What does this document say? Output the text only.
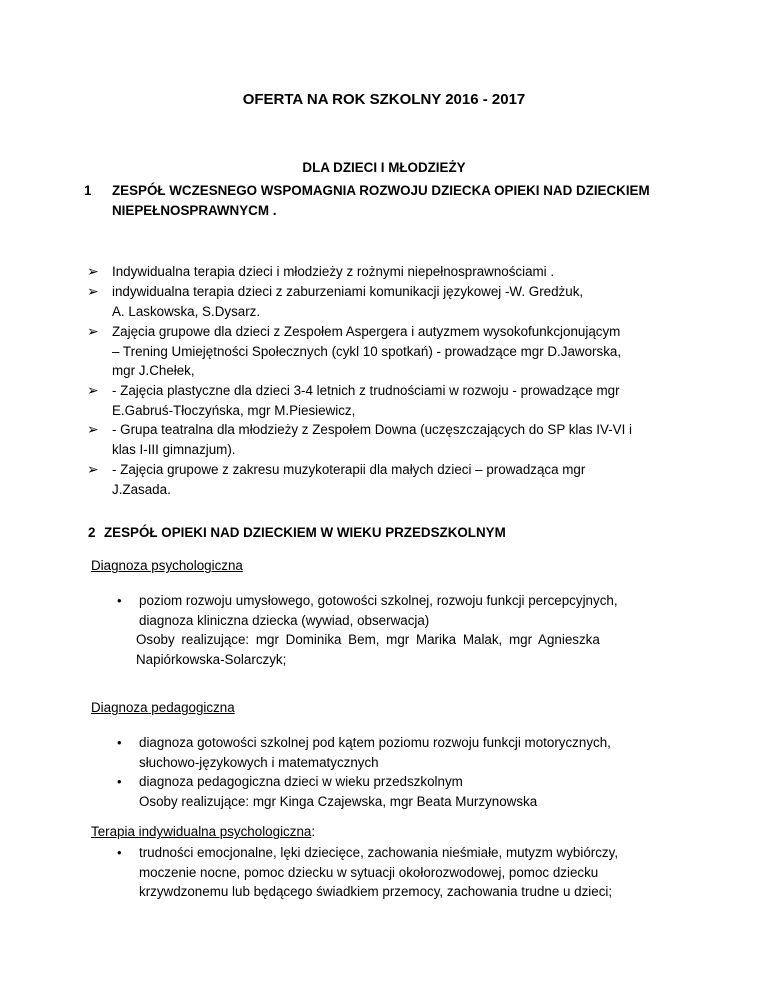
OFERTA NA ROK SZKOLNY 2016 - 2017
DLA DZIECI I MŁODZIEŻY
1 ZESPÓŁ WCZESNEGO WSPOMAGNIA ROZWOJU DZIECKA OPIEKI NAD DZIECKIEM
NIEPEŁNOSPRAWNYCM .
➢ Indywidualna terapia dzieci i młodzieży z rożnymi niepełnosprawnościami .
➢ indywidualna terapia dzieci z zaburzeniami komunikacji językowej -W. Gredżuk,
A. Laskowska, S.Dysarz.
➢ Zajęcia grupowe dla dzieci z Zespołem Aspergera i autyzmem wysokofunkcjonującym
– Trening Umiejętności Społecznych (cykl 10 spotkań) - prowadzące mgr D.Jaworska,
mgr J.Chełek,
➢ - Zajęcia plastyczne dla dzieci 3-4 letnich z trudnościami w rozwoju - prowadzące mgr
E.Gabruś-Tłoczyńska, mgr M.Piesiewicz,
➢ - Grupa teatralna dla młodzieży z Zespołem Downa (uczęszczających do SP klas IV-VI i
klas I-III gimnazjum).
➢ - Zajęcia grupowe z zakresu muzykoterapii dla małych dzieci – prowadząca mgr
J.Zasada.
2 ZESPÓŁ OPIEKI NAD DZIECKIEM W WIEKU PRZEDSZKOLNYM
Diagnoza psychologiczna
• poziom rozwoju umysłowego, gotowości szkolnej, rozwoju funkcji percepcyjnych,
diagnoza kliniczna dziecka (wywiad, obserwacja)
Osoby realizujące: mgr Dominika Bem, mgr Marika Malak, mgr Agnieszka
Napiórkowska-Solarczyk;
Diagnoza pedagogiczna
• diagnoza gotowości szkolnej pod kątem poziomu rozwoju funkcji motorycznych,
słuchowo-językowych i matematycznych
• diagnoza pedagogiczna dzieci w wieku przedszkolnym
Osoby realizujące: mgr Kinga Czajewska, mgr Beata Murzynowska
Terapia indywidualna psychologiczna:
• trudności emocjonalne, lęki dziecięce, zachowania nieśmiałe, mutyzm wybiórczy,
moczenie nocne, pomoc dziecku w sytuacji okołorozwodowej, pomoc dziecku
krzywdzonemu lub będącego świadkiem przemocy, zachowania trudne u dzieci;
